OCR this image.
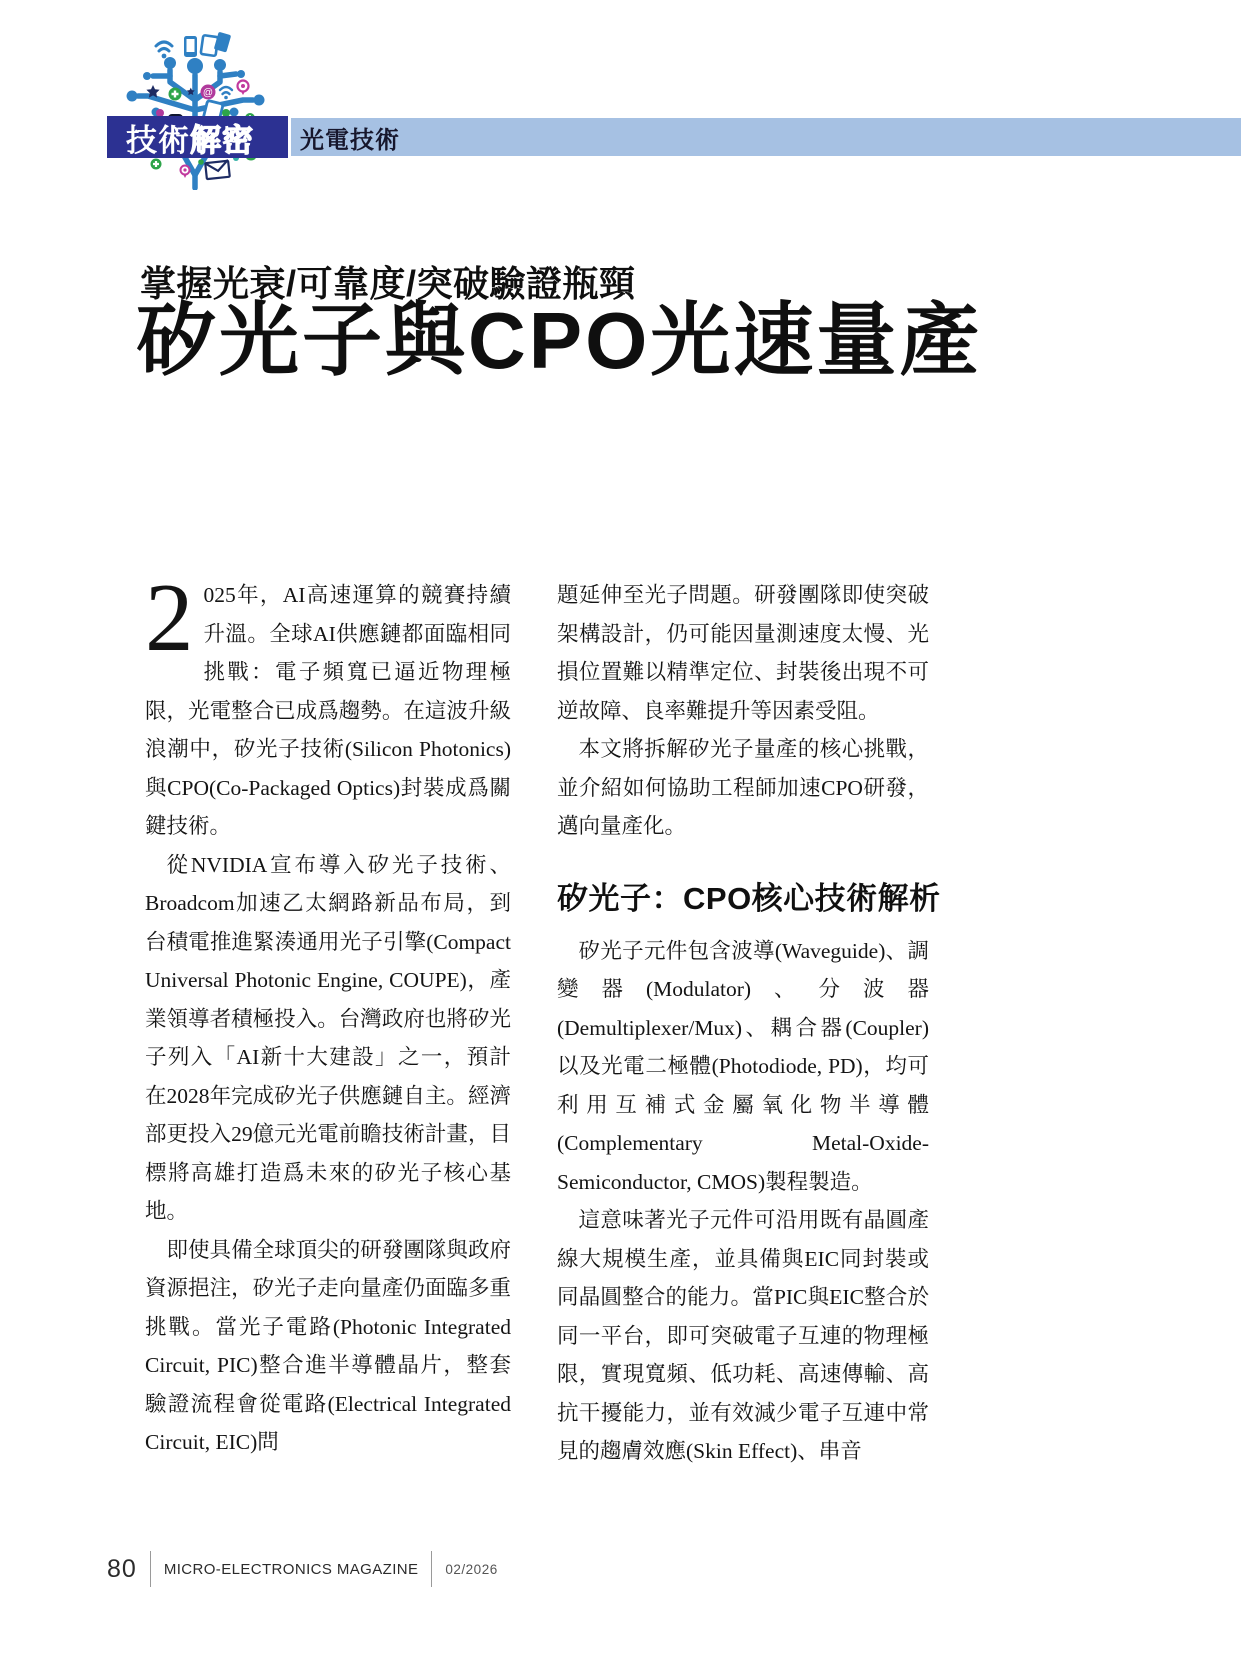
@
技術 解密 光電技術
掌握光衰/可靠度/突破驗證瓶頸
矽光子與CPO光速量產

2 025年，AI高速運算的競賽持續升溫。全球AI供應鏈都面臨相同挑戰：電子頻寬已逼近物理極限，光電整合已成爲趨勢。在這波升級浪潮中，矽光子技術(Silicon Photonics)與CPO(Co-Packaged Optics)封裝成爲關鍵技術。

從NVIDIA宣布導入矽光子技術、Broadcom加速乙太網路新品布局，到台積電推進緊湊通用光子引擎(Compact Universal Photonic Engine, COUPE)，產業領導者積極投入。台灣政府也將矽光子列入「AI新十大建設」之一，預計在2028年完成矽光子供應鏈自主。經濟部更投入29億元光電前瞻技術計畫，目標將高雄打造爲未來的矽光子核心基地。

即使具備全球頂尖的研發團隊與政府資源挹注，矽光子走向量產仍面臨多重挑戰。當光子電路(Photonic Integrated Circuit, PIC)整合進半導體晶片，整套驗證流程會從電路(Electrical Integrated Circuit, EIC)問

題延伸至光子問題。研發團隊即使突破架構設計，仍可能因量測速度太慢、光損位置難以精準定位、封裝後出現不可逆故障、良率難提升等因素受阻。

本文將拆解矽光子量產的核心挑戰，並介紹如何協助工程師加速CPO研發，邁向量產化。

矽光子：CPO核心技術解析

矽光子元件包含波導(Waveguide)、調變器(Modulator)、分波器(Demultiplexer/Mux)、耦合器(Coupler)以及光電二極體(Photodiode, PD)，均可利用互補式金屬氧化物半導體(Complementary Metal-Oxide-Semiconductor, CMOS)製程製造。

這意味著光子元件可沿用既有晶圓產線大規模生產，並具備與EIC同封裝或同晶圓整合的能力。當PIC與EIC整合於同一平台，即可突破電子互連的物理極限，實現寬頻、低功耗、高速傳輸、高抗干擾能力，並有效減少電子互連中常見的趨膚效應(Skin Effect)、串音

80 MICRO-ELECTRONICS MAGAZINE 02/2026
